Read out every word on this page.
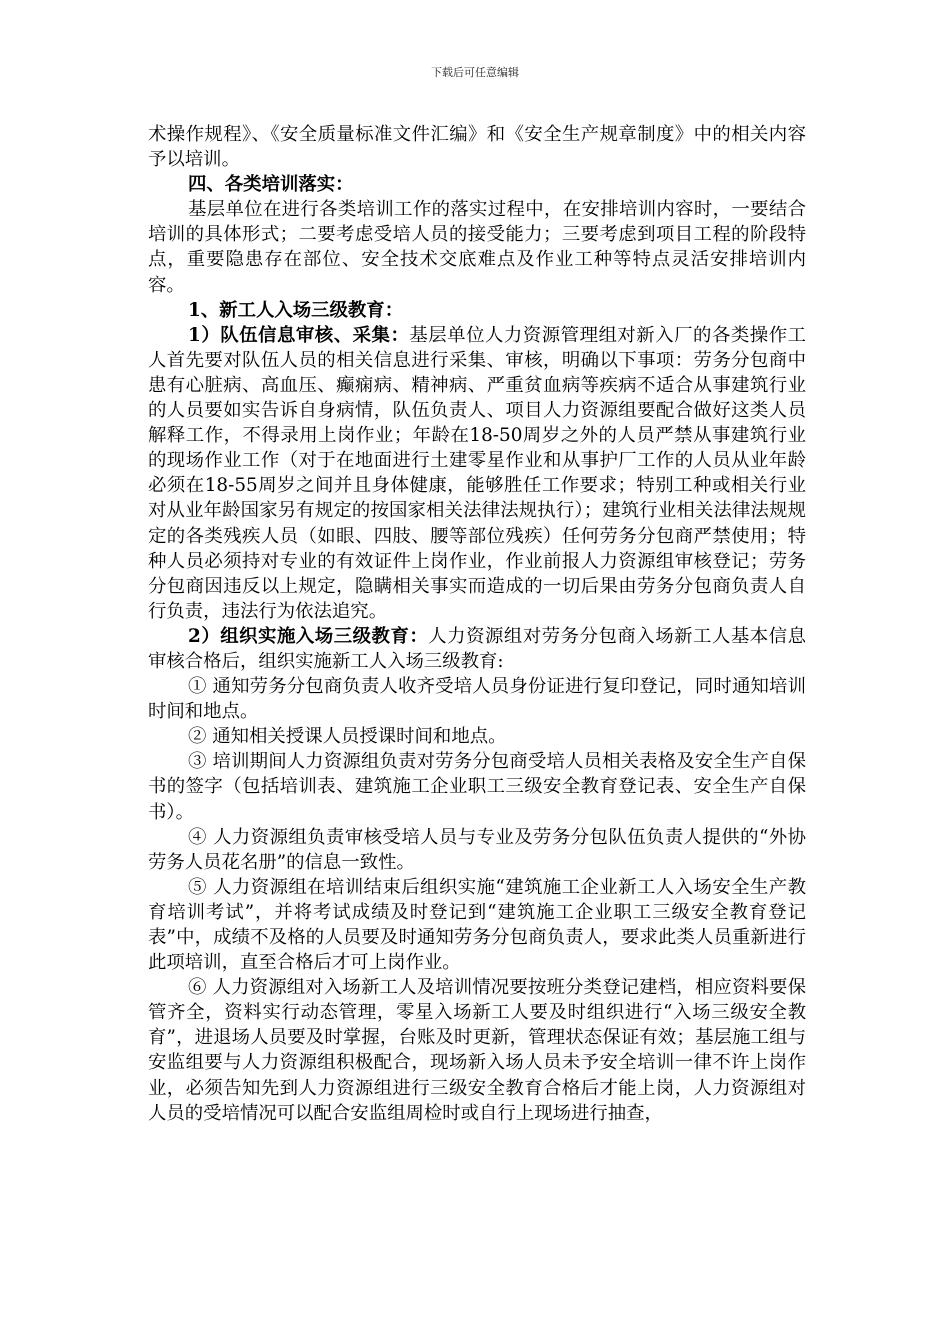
下载后可任意编辑

术操作规程》、《安全质量标准文件汇编》和《安全生产规章制度》中的相关内容予以培训。

四、各类培训落实：

基层单位在进行各类培训工作的落实过程中，在安排培训内容时，一要结合培训的具体形式；二要考虑受培人员的接受能力；三要考虑到项目工程的阶段特点，重要隐患存在部位、安全技术交底难点及作业工种等特点灵活安排培训内容。

1、新工人入场三级教育：

1）队伍信息审核、采集：基层单位人力资源管理组对新入厂的各类操作工人首先要对队伍人员的相关信息进行采集、审核，明确以下事项：劳务分包商中患有心脏病、高血压、癫痫病、精神病、严重贫血病等疾病不适合从事建筑行业的人员要如实告诉自身病情，队伍负责人、项目人力资源组要配合做好这类人员解释工作，不得录用上岗作业；年龄在18-50周岁之外的人员严禁从事建筑行业的现场作业工作（对于在地面进行土建零星作业和从事护厂工作的人员从业年龄必须在18-55周岁之间并且身体健康，能够胜任工作要求；特别工种或相关行业对从业年龄国家另有规定的按国家相关法律法规执行）；建筑行业相关法律法规规定的各类残疾人员（如眼、四肢、腰等部位残疾）任何劳务分包商严禁使用；特种人员必须持对专业的有效证件上岗作业，作业前报人力资源组审核登记；劳务分包商因违反以上规定，隐瞒相关事实而造成的一切后果由劳务分包商负责人自行负责，违法行为依法追究。

2）组织实施入场三级教育：人力资源组对劳务分包商入场新工人基本信息审核合格后，组织实施新工人入场三级教育:

① 通知劳务分包商负责人收齐受培人员身份证进行复印登记，同时通知培训时间和地点。

② 通知相关授课人员授课时间和地点。

③ 培训期间人力资源组负责对劳务分包商受培人员相关表格及安全生产自保书的签字（包括培训表、建筑施工企业职工三级安全教育登记表、安全生产自保书）。

④ 人力资源组负责审核受培人员与专业及劳务分包队伍负责人提供的“外协劳务人员花名册”的信息一致性。

⑤ 人力资源组在培训结束后组织实施“建筑施工企业新工人入场安全生产教育培训考试”，并将考试成绩及时登记到“建筑施工企业职工三级安全教育登记表”中，成绩不及格的人员要及时通知劳务分包商负责人，要求此类人员重新进行此项培训，直至合格后才可上岗作业。

⑥ 人力资源组对入场新工人及培训情况要按班分类登记建档，相应资料要保管齐全，资料实行动态管理，零星入场新工人要及时组织进行“入场三级安全教育”，进退场人员要及时掌握，台账及时更新，管理状态保证有效；基层施工组与安监组要与人力资源组积极配合，现场新入场人员未予安全培训一律不许上岗作业，必须告知先到人力资源组进行三级安全教育合格后才能上岗，人力资源组对人员的受培情况可以配合安监组周检时或自行上现场进行抽查，
